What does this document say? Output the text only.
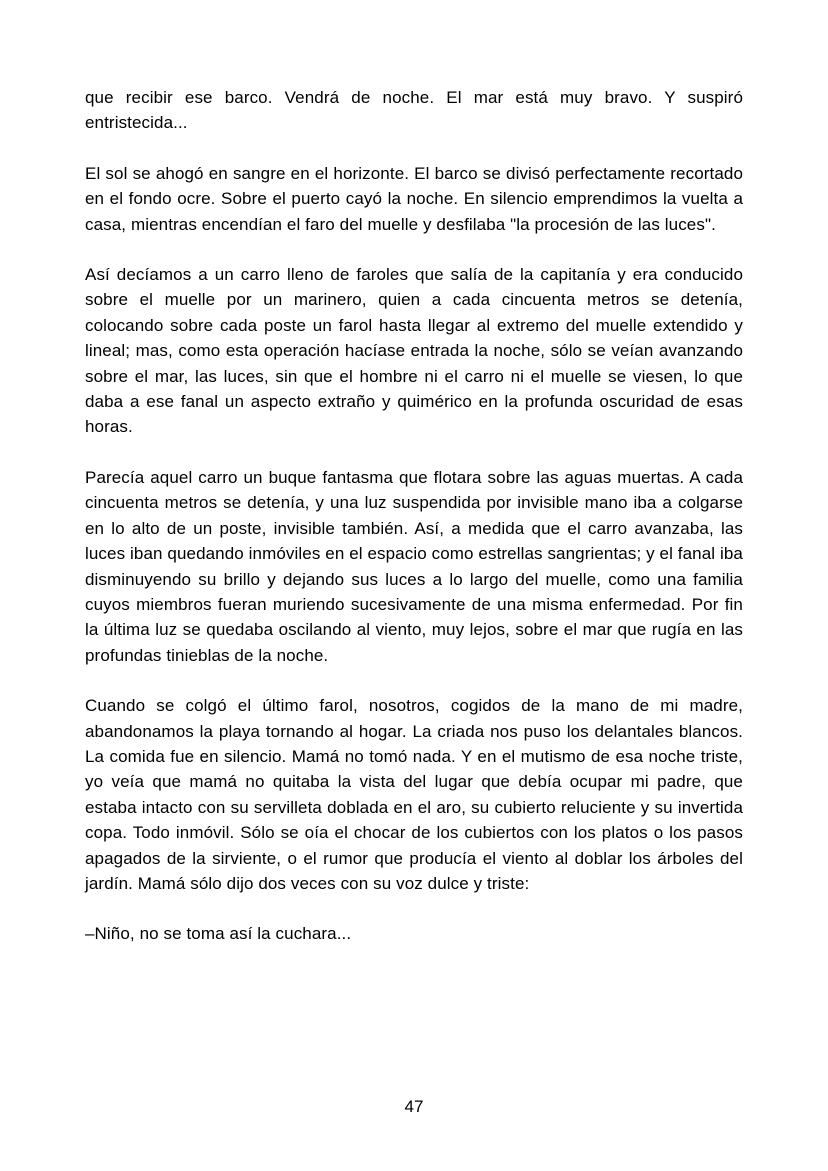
que recibir ese barco. Vendrá de noche. El mar está muy bravo. Y suspiró entristecida...

El sol se ahogó en sangre en el horizonte. El barco se divisó perfectamente recortado en el fondo ocre. Sobre el puerto cayó la noche. En silencio emprendimos la vuelta a casa, mientras encendían el faro del muelle y desfilaba "la procesión de las luces".

Así decíamos a un carro lleno de faroles que salía de la capitanía y era conducido sobre el muelle por un marinero, quien a cada cincuenta metros se detenía, colocando sobre cada poste un farol hasta llegar al extremo del muelle extendido y lineal; mas, como esta operación hacíase entrada la noche, sólo se veían avanzando sobre el mar, las luces, sin que el hombre ni el carro ni el muelle se viesen, lo que daba a ese fanal un aspecto extraño y quimérico en la profunda oscuridad de esas horas.

Parecía aquel carro un buque fantasma que flotara sobre las aguas muertas. A cada cincuenta metros se detenía, y una luz suspendida por invisible mano iba a colgarse en lo alto de un poste, invisible también. Así, a medida que el carro avanzaba, las luces iban quedando inmóviles en el espacio como estrellas sangrientas; y el fanal iba disminuyendo su brillo y dejando sus luces a lo largo del muelle, como una familia cuyos miembros fueran muriendo sucesivamente de una misma enfermedad. Por fin la última luz se quedaba oscilando al viento, muy lejos, sobre el mar que rugía en las profundas tinieblas de la noche.

Cuando se colgó el último farol, nosotros, cogidos de la mano de mi madre, abandonamos la playa tornando al hogar. La criada nos puso los delantales blancos. La comida fue en silencio. Mamá no tomó nada. Y en el mutismo de esa noche triste, yo veía que mamá no quitaba la vista del lugar que debía ocupar mi padre, que estaba intacto con su servilleta doblada en el aro, su cubierto reluciente y su invertida copa. Todo inmóvil. Sólo se oía el chocar de los cubiertos con los platos o los pasos apagados de la sirviente, o el rumor que producía el viento al doblar los árboles del jardín. Mamá sólo dijo dos veces con su voz dulce y triste:

–Niño, no se toma así la cuchara...

47
